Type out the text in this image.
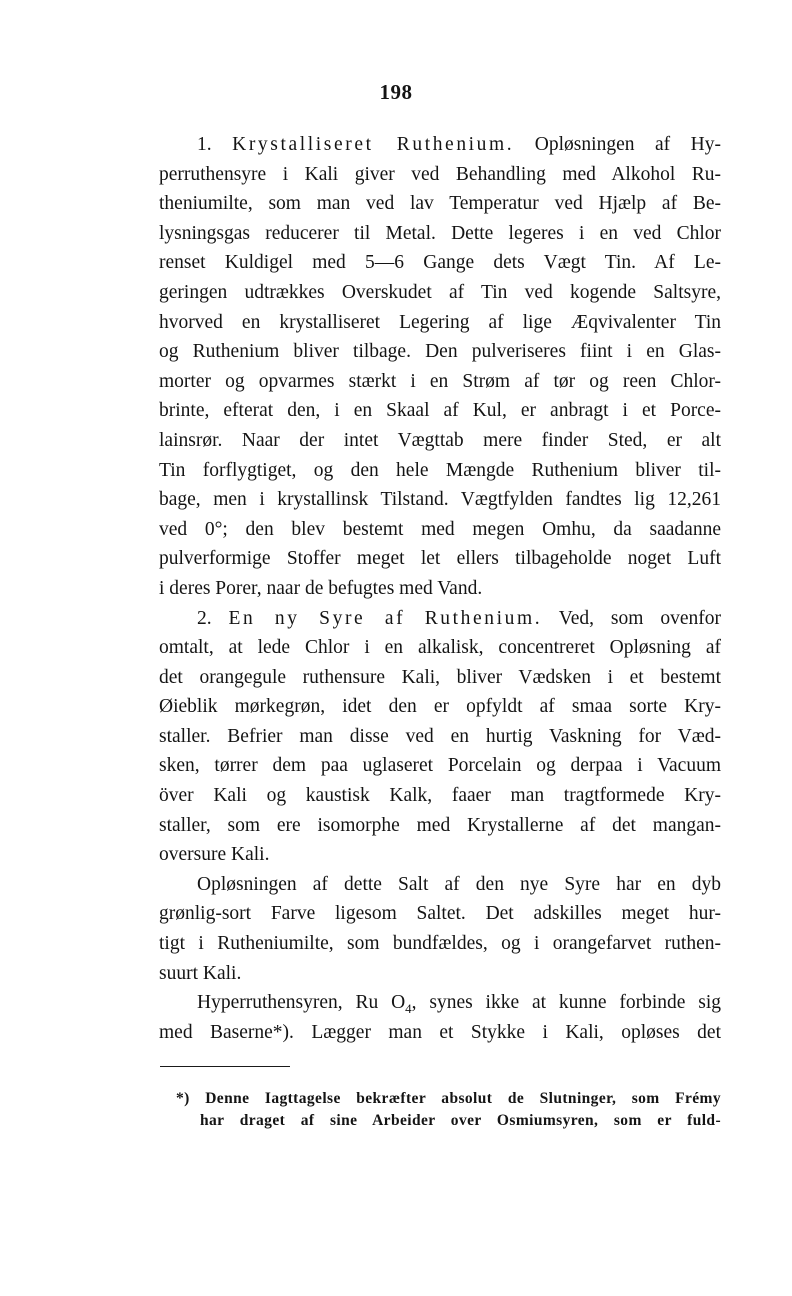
198
1. Krystalliseret Ruthenium. Opløsningen af Hy-
perruthensyre i Kali giver ved Behandling med Alkohol Ru-
theniumilte, som man ved lav Temperatur ved Hjælp af Be-
lysningsgas reducerer til Metal. Dette legeres i en ved Chlor
renset Kuldigel med 5—6 Gange dets Vægt Tin. Af Le-
geringen udtrækkes Overskudet af Tin ved kogende Saltsyre,
hvorved en krystalliseret Legering af lige Æqvivalenter Tin
og Ruthenium bliver tilbage. Den pulveriseres fiint i en Glas-
morter og opvarmes stærkt i en Strøm af tør og reen Chlor-
brinte, efterat den, i en Skaal af Kul, er anbragt i et Porce-
lainsrør. Naar der intet Vægttab mere finder Sted, er alt
Tin forflygtiget, og den hele Mængde Ruthenium bliver til-
bage, men i krystallinsk Tilstand. Vægtfylden fandtes lig 12,261
ved 0°; den blev bestemt med megen Omhu, da saadanne
pulverformige Stoffer meget let ellers tilbageholde noget Luft
i deres Porer, naar de befugtes med Vand.
2. En ny Syre af Ruthenium. Ved, som ovenfor
omtalt, at lede Chlor i en alkalisk, concentreret Opløsning af
det orangegule ruthensure Kali, bliver Vædsken i et bestemt
Øieblik mørkegrøn, idet den er opfyldt af smaa sorte Kry-
staller. Befrier man disse ved en hurtig Vaskning for Væd-
sken, tørrer dem paa uglaseret Porcelain og derpaa i Vacuum
över Kali og kaustisk Kalk, faaer man tragtformede Kry-
staller, som ere isomorphe med Krystallerne af det mangan-
oversure Kali.
Opløsningen af dette Salt af den nye Syre har en dyb
grønlig-sort Farve ligesom Saltet. Det adskilles meget hur-
tigt i Rutheniumilte, som bundfældes, og i orangefarvet ruthen-
suurt Kali.
Hyperruthensyren, Ru $O_4$, synes ikke at kunne forbinde sig
med Baserne*). Lægger man et Stykke i Kali, opløses det
*) Denne Iagttagelse bekræfter absolut de Slutninger, som Frémy
har draget af sine Arbeider over Osmiumsyren, som er fuld-
